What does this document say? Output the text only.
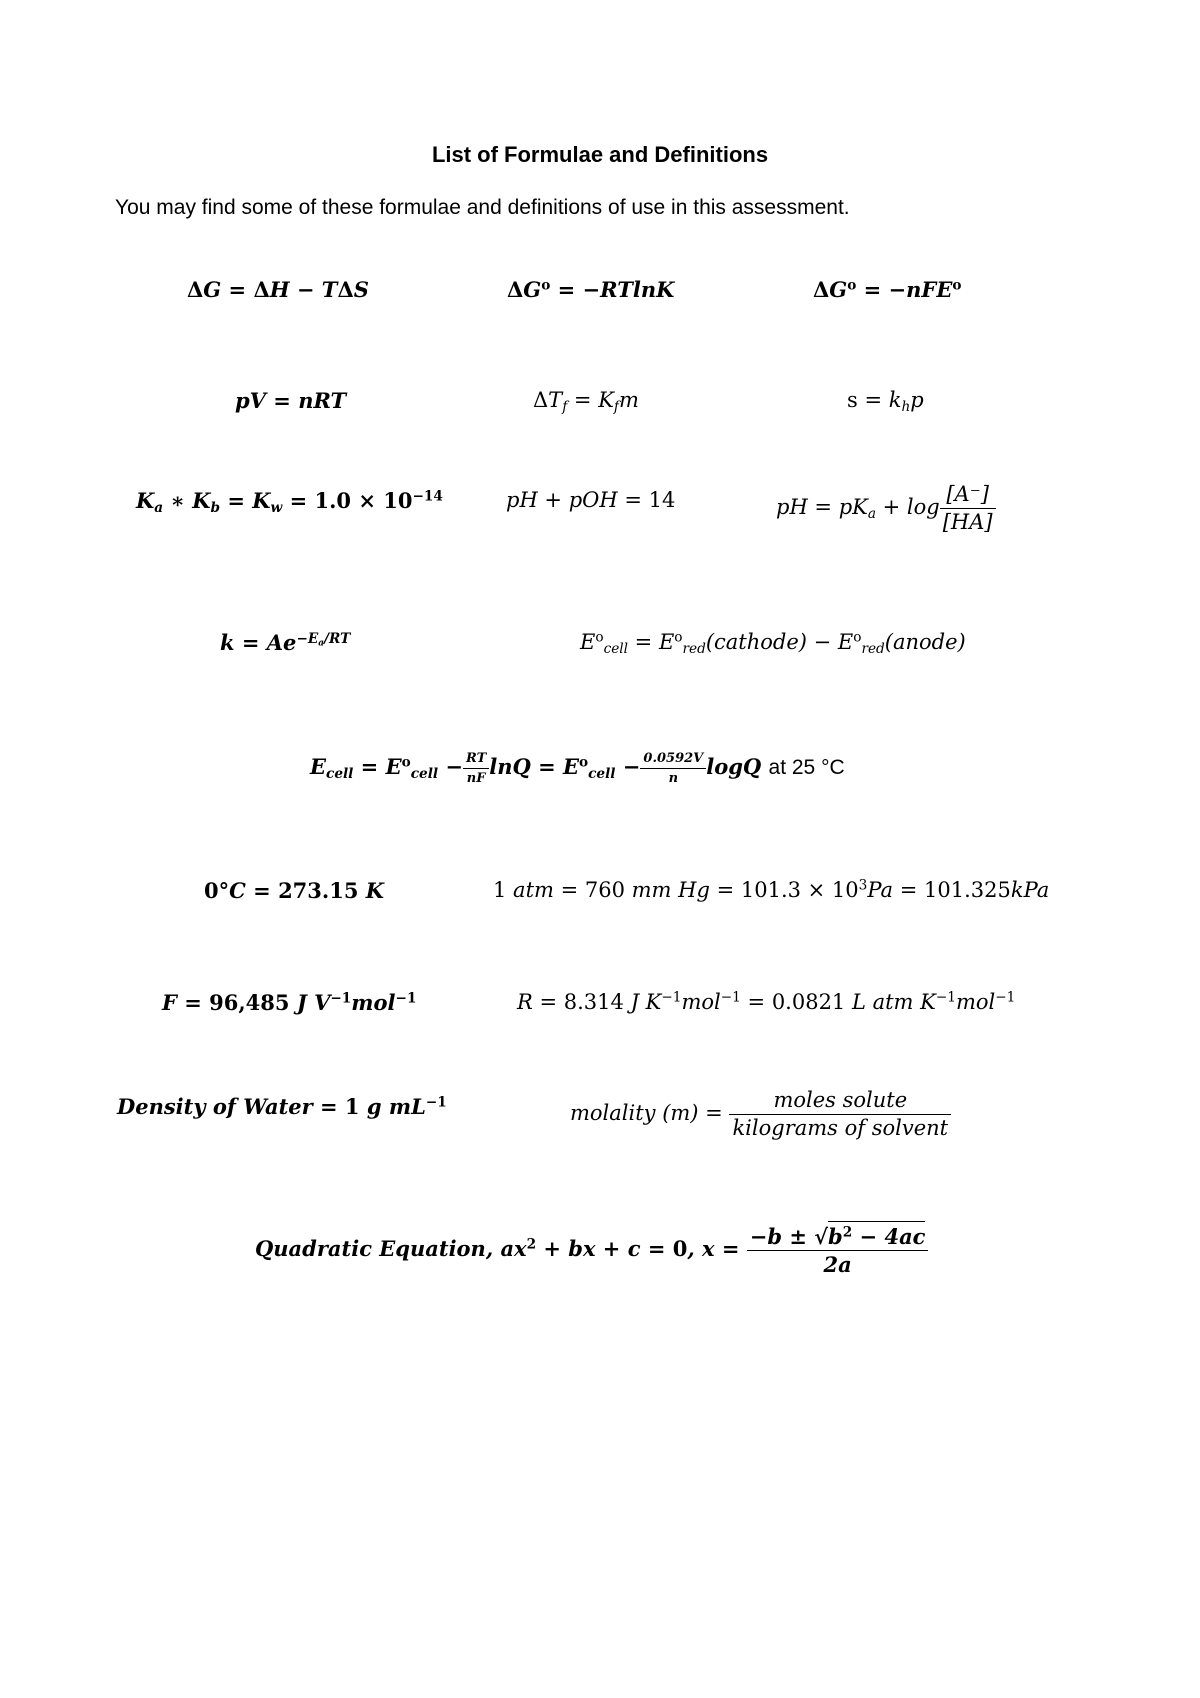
List of Formulae and Definitions
You may find some of these formulae and definitions of use in this assessment.
ΔG = ΔH − TΔS	$\Delta G^o = -RTlnK$	$\Delta G^o = -nFE^o$
pV = nRT	$\Delta T_f = K_fm$	$s = k_hp$
$K_a$ ∗ $K_b = K_w = 1.0 \times 10^{-14}$	pH + pOH = 14	pH = $pK_a + \log \frac{[A^-]}{[HA]}$
$k = Ae^{-E_a/RT}$	$E^o_{cell}$ = $E^o_{red}(cathode)$ − $E^o_{red}(anode)$
$E_{cell} = E^o_{cell} - \frac{RT}{nF}$ $\ln Q = E^o_{cell} - \frac{0.0592V}{n}$ logQ at 25 °C
0°C = 273.15 K	1 atm = 760 mm $Hg = 101.3 \times 10^3Pa = 101.325kPa$
F = 96,485 J $V^{-1}mol^{-1}$	R = 8.314 J $K^{-1}mol^{-1} = 0.0821$ L atm $K^{-1}mol^{-1}$
Density of Water = 1 g $mL^{-1}$	molality $(m) = \frac{\text{moles solute}}{\text{kilograms of solvent}}$
Quadratic Equation, $ax^2$ + bx + c = 0, $x = \frac{-b \pm √b^2 - 4ac}{2a}$
